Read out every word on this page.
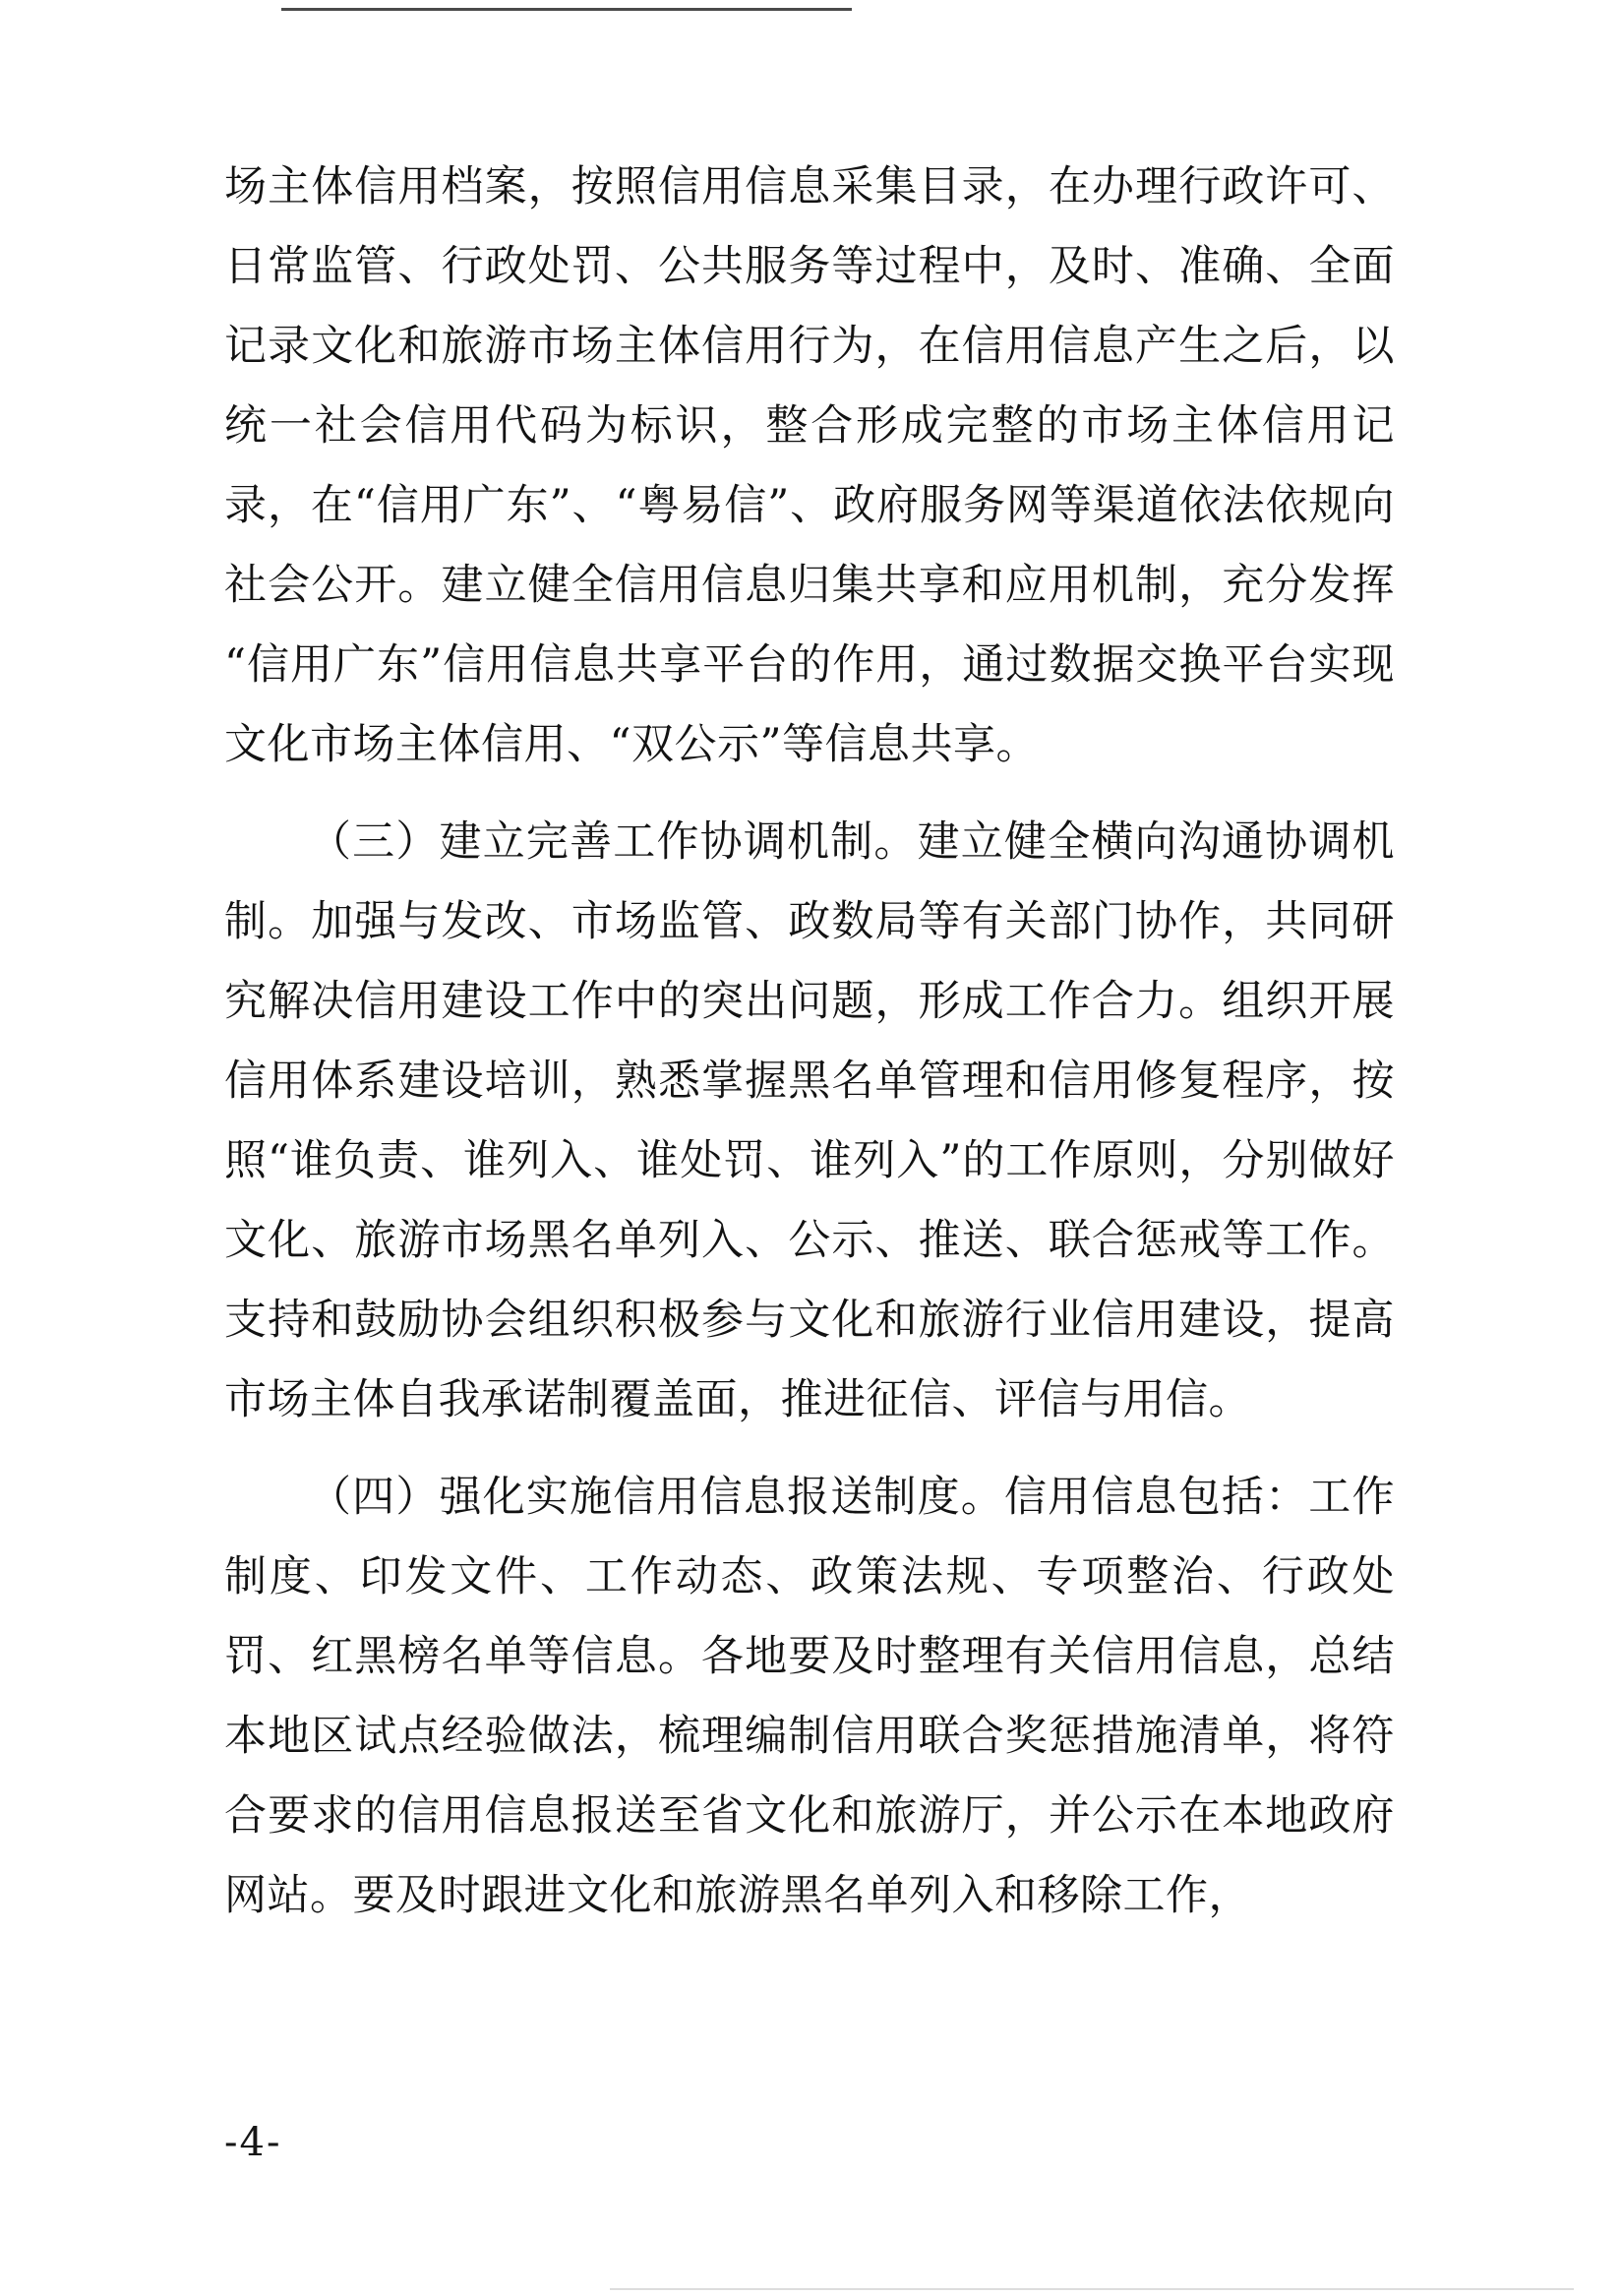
场主体信用档案，按照信用信息采集目录，在办理行政许可、日常监管、行政处罚、公共服务等过程中，及时、准确、全面记录文化和旅游市场主体信用行为，在信用信息产生之后，以统一社会信用代码为标识，整合形成完整的市场主体信用记录，在“信用广东”、“粤易信”、政府服务网等渠道依法依规向社会公开。建立健全信用信息归集共享和应用机制，充分发挥“信用广东”信用信息共享平台的作用，通过数据交换平台实现文化市场主体信用、“双公示”等信息共享。

（三）建立完善工作协调机制。建立健全横向沟通协调机制。加强与发改、市场监管、政数局等有关部门协作，共同研究解决信用建设工作中的突出问题，形成工作合力。组织开展信用体系建设培训，熟悉掌握黑名单管理和信用修复程序，按照“谁负责、谁列入、谁处罚、谁列入”的工作原则，分别做好文化、旅游市场黑名单列入、公示、推送、联合惩戒等工作。支持和鼓励协会组织积极参与文化和旅游行业信用建设，提高市场主体自我承诺制覆盖面，推进征信、评信与用信。

（四）强化实施信用信息报送制度。信用信息包括：工作制度、印发文件、工作动态、政策法规、专项整治、行政处罚、红黑榜名单等信息。各地要及时整理有关信用信息，总结本地区试点经验做法，梳理编制信用联合奖惩措施清单，将符合要求的信用信息报送至省文化和旅游厅，并公示在本地政府网站。要及时跟进文化和旅游黑名单列入和移除工作，

-4-
